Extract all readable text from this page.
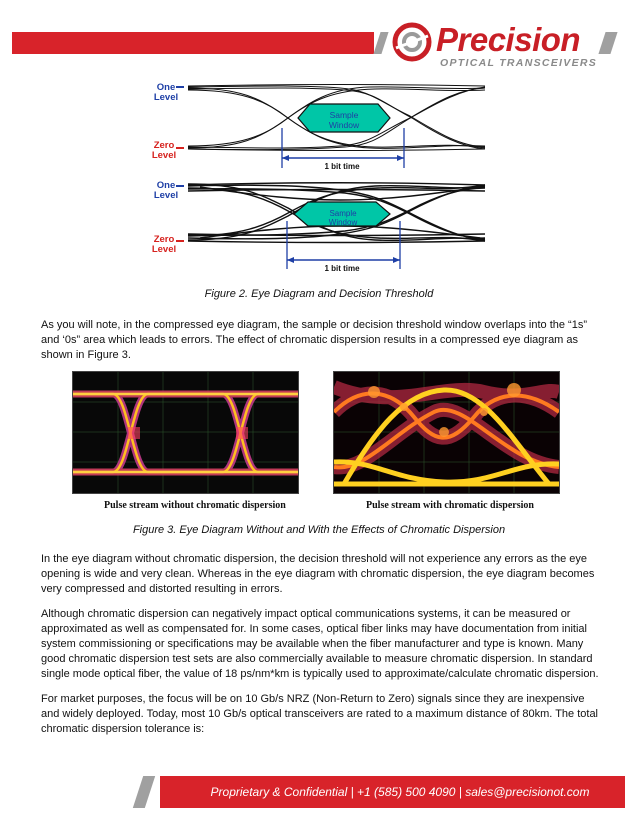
Precision
OPTICAL TRANSCEIVERS
One
Level
Zero
Level
One
Level
Zero
Level
Sample
Window
Sample
Window
1 bit time
1 bit time
Figure 2. Eye Diagram and Decision Threshold

As you will note, in the compressed eye diagram, the sample or decision threshold window overlaps into the “1s” and ‘0s” area which leads to errors. The effect of chromatic dispersion results in a compressed eye diagram as shown in Figure 3.

Pulse stream without chromatic dispersion	Pulse stream with chromatic dispersion
Figure 3. Eye Diagram Without and With the Effects of Chromatic Dispersion

In the eye diagram without chromatic dispersion, the decision threshold will not experience any errors as the eye opening is wide and very clean. Whereas in the eye diagram with chromatic dispersion, the eye diagram becomes very compressed and distorted resulting in errors.

Although chromatic dispersion can negatively impact optical communications systems, it can be measured or approximated as well as compensated for. In some cases, optical fiber links may have documentation from initial system commissioning or specifications may be available when the fiber manufacturer and type is known. Many good chromatic dispersion test sets are also commercially available to measure chromatic dispersion. In standard single mode optical fiber, the value of 18 ps/nm*km is typically used to approximate/calculate chromatic dispersion.

For market purposes, the focus will be on 10 Gb/s NRZ (Non-Return to Zero) signals since they are inexpensive and widely deployed. Today, most 10 Gb/s optical transceivers are rated to a maximum distance of 80km. The total chromatic dispersion tolerance is:

Proprietary & Confidential | +1 (585) 500 4090 | sales@precisionot.com
